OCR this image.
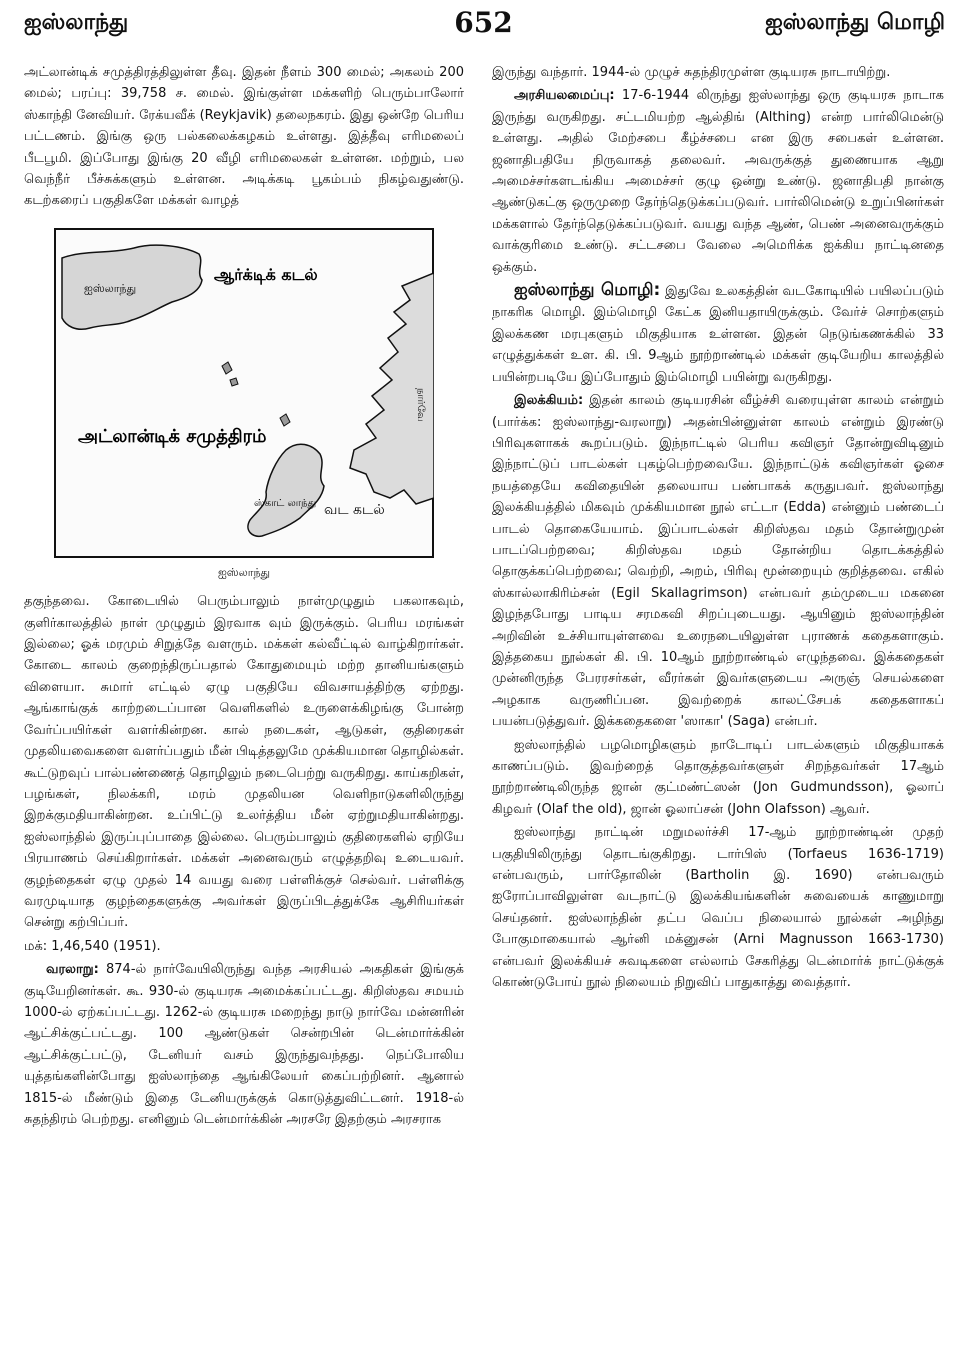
ஐஸ்லாந்து	652	ஐஸ்லாந்து மொழி

அட்லான்டிக் சமுத்திரத்திலுள்ள தீவு. இதன் நீளம் 300 மைல்; அகலம் 200 மைல்; பரப்பு: 39,758 ச. மைல். இங்குள்ள மக்களிற் பெரும்பாலோர் ஸ்காந்தி னேவியர். ரேக்யவீக் (Reykjavik) தலைநகரம். இது ஒன்றே பெரிய பட்டணம். இங்கு ஒரு பல்கலைக்கழகம் உள்ளது. இத்தீவு எரிமலைப் பீடபூமி. இப்போது இங்கு 20 வீழி எரிமலைகள் உள்ளன. மற்றும், பல வெந்நீர் பீச்சுக்களும் உள்ளன. அடிக்கடி பூகம்பம் நிகழ்வதுண்டு. கடற்கரைப் பகுதிகளே மக்கள் வாழத்

ஆர்க்டிக் கடல்
ஐஸ்லாந்து
அட்லான்டிக் சமுத்திரம்
வட கடல்
ஸ்காட் லாந்து
நார்வே
ஐஸ்லாந்து

தகுந்தவை. கோடையில் பெரும்பாலும் நாள்முழுதும் பகலாகவும், குளிர்காலத்தில் நாள் முழுதும் இரவாக வும் இருக்கும். பெரிய மரங்கள் இல்லை; ஓக் மரமும் சிறுத்தே வளரும். மக்கள் கல்வீட்டில் வாழ்கிறார்கள். கோடை காலம் குறைந்திருப்பதால் கோதுமையும் மற்ற தானியங்களும் விளையா. சுமார் எட்டில் ஏழு பகுதியே விவசாயத்திற்கு ஏற்றது. ஆங்காங்குக் காற்றடைப்பான வெளிகளில் உருளைக்கிழங்கு போன்ற வேர்ப்பயிர்கள் வளர்கின்றன. கால் நடைகள், ஆடுகள், குதிரைகள் முதலியவைகளை வளர்ப்பதும் மீன் பிடித்தலுமே முக்கியமான தொழில்கள். கூட்டுறவுப் பால்பண்ணைத் தொழிலும் நடைபெற்று வருகிறது. காய்கறிகள், பழங்கள், நிலக்கரி, மரம் முதலியன வெளிநாடுகளிலிருந்து இறக்குமதியாகின்றன. உப்பிட்டு உலர்த்திய மீன் ஏற்றுமதியாகின்றது. ஐஸ்லாந்தில் இருப்புப்பாதை இல்லை. பெரும்பாலும் குதிரைகளில் ஏறியே பிரயாணம் செய்கிறார்கள். மக்கள் அனைவரும் எழுத்தறிவு உடையவர். குழந்தைகள் ஏழு முதல் 14 வயது வரை பள்ளிக்குச் செல்வர். பள்ளிக்கு வரமுடியாத குழந்தைகளுக்கு அவர்கள் இருப்பிடத்துக்கே ஆசிரியர்கள் சென்று கற்பிப்பர்.

மக்: 1,46,540 (1951).

வரலாறு: 874-ல் நார்வேயிலிருந்து வந்த அரசியல் அகதிகள் இங்குக் குடியேறினர்கள். கூ. 930-ல் குடியரசு அமைக்கப்பட்டது. கிறிஸ்தவ சமயம் 1000-ல் ஏற்கப்பட்டது. 1262-ல் குடியரசு மறைந்து நாடு நார்வே மன்னரின் ஆட்சிக்குட்பட்டது. 100 ஆண்டுகள் சென்றபின் டென்மார்க்கின் ஆட்சிக்குட்பட்டு, டேனியர் வசம் இருந்துவந்தது. நெப்போலிய யுத்தங்களின்போது ஐஸ்லாந்தை ஆங்கிலேயர் கைப்பற்றினர். ஆனால் 1815-ல் மீண்டும் இதை டேனியருக்குக் கொடுத்துவிட்டனர். 1918-ல் சுதந்திரம் பெற்றது. எனினும் டென்மார்க்கின் அரசரே இதற்கும் அரசராக

இருந்து வந்தார். 1944-ல் முழுச் சுதந்திரமுள்ள குடியரசு நாடாயிற்று.

அரசியலமைப்பு: 17-6-1944 லிருந்து ஐஸ்லாந்து ஒரு குடியரசு நாடாக இருந்து வருகிறது. சட்டமியற்ற ஆல்திங் (Althing) என்ற பார்லிமென்டு உள்ளது. அதில் மேற்சபை கீழ்ச்சபை என இரு சபைகள் உள்ளன. ஜனாதிபதியே நிருவாகத் தலைவர். அவருக்குத் துணையாக ஆறு அமைச்சர்களடங்கிய அமைச்சர் குழு ஒன்று உண்டு. ஜனாதிபதி நான்கு ஆண்டுகட்கு ஒருமுறை தேர்ந்தெடுக்கப்படுவர். பார்லிமென்டு உறுப்பினர்கள் மக்களால் தேர்ந்தெடுக்கப்படுவர். வயது வந்த ஆண், பெண் அனைவருக்கும் வாக்குரிமை உண்டு. சட்டசபை வேலை அமெரிக்க ஐக்கிய நாட்டினதை ஒக்கும்.

ஐஸ்லாந்து மொழி: இதுவே உலகத்தின் வடகோடியில் பயிலப்படும் நாகரிக மொழி. இம்மொழி கேட்க இனியதாயிருக்கும். வேர்ச் சொற்களும் இலக்கண மரபுகளும் மிகுதியாக உள்ளன. இதன் நெடுங்கணக்கில் 33 எழுத்துக்கள் உள. கி. பி. 9ஆம் நூற்றாண்டில் மக்கள் குடியேறிய காலத்தில் பயின்றபடியே இப்போதும் இம்மொழி பயின்று வருகிறது.

இலக்கியம்: இதன் காலம் குடியரசின் வீழ்ச்சி வரையுள்ள காலம் என்றும் (பார்க்க: ஐஸ்லாந்து-வரலாறு) அதன்பின்னுள்ள காலம் என்றும் இரண்டு பிரிவுகளாகக் கூறப்படும். இந்நாட்டில் பெரிய கவிஞர் தோன்றுவிடினும் இந்நாட்டுப் பாடல்கள் புகழ்பெற்றவையே. இந்நாட்டுக் கவிஞர்கள் ஓசை நயத்தையே கவிதையின் தலையாய பண்பாகக் கருதுபவர். ஐஸ்லாந்து இலக்கியத்தில் மிகவும் முக்கியமான நூல் எட்டா (Edda) என்னும் பண்டைப் பாடல் தொகையேயாம். இப்பாடல்கள் கிறிஸ்தவ மதம் தோன்றுமுன் பாடப்பெற்றவை; கிறிஸ்தவ மதம் தோன்றிய தொடக்கத்தில் தொகுக்கப்பெற்றவை; வெற்றி, அறம், பிரிவு மூன்றையும் குறித்தவை. எகில் ஸ்கால்லாகிரிம்சன் (Egil Skallagrimson) என்பவர் தம்முடைய மகனை இழந்தபோது பாடிய சரமகவி சிறப்புடையது. ஆயினும் ஐஸ்லாந்தின் அறிவின் உச்சியாயுள்ளவை உரைநடையிலுள்ள புராணக் கதைகளாகும். இத்தகைய நூல்கள் கி. பி. 10ஆம் நூற்றாண்டில் எழுந்தவை. இக்கதைகள் முன்னிருந்த பேரரசர்கள், வீரர்கள் இவர்களுடைய அருஞ் செயல்களை அழகாக வருணிப்பன. இவற்றைக் காலட்சேபக் கதைகளாகப் பயன்படுத்துவர். இக்கதைகளை 'ஸாகா' (Saga) என்பர்.

ஐஸ்லாந்தில் பழமொழிகளும் நாடோடிப் பாடல்களும் மிகுதியாகக் காணப்படும். இவற்றைத் தொகுத்தவர்களுள் சிறந்தவர்கள் 17ஆம் நூற்றாண்டிலிருந்த ஜான் குட்மண்ட்ஸன் (Jon Gudmundsson), ஓலாப் கிழவர் (Olaf the old), ஜான் ஓலாப்சன் (John Olafsson) ஆவர்.

ஐஸ்லாந்து நாட்டின் மறுமலர்ச்சி 17-ஆம் நூற்றாண்டின் முதற் பகுதியிலிருந்து தொடங்குகிறது. டார்பிஸ் (Torfaeus 1636-1719) என்பவரும், பார்தோலின் (Bartholin இ. 1690) என்பவரும் ஐரோப்பாவிலுள்ள வடநாட்டு இலக்கியங்களின் சுவையைக் காணுமாறு செய்தனர். ஐஸ்லாந்தின் தட்ப வெப்ப நிலையால் நூல்கள் அழிந்து போகுமாகையால் ஆர்னி மக்னுசன் (Arni Magnusson 1663-1730) என்பவர் இலக்கியச் சுவடிகளை எல்லாம் சேகரித்து டென்மார்க் நாட்டுக்குக் கொண்டுபோய் நூல் நிலையம் நிறுவிப் பாதுகாத்து வைத்தார்.
